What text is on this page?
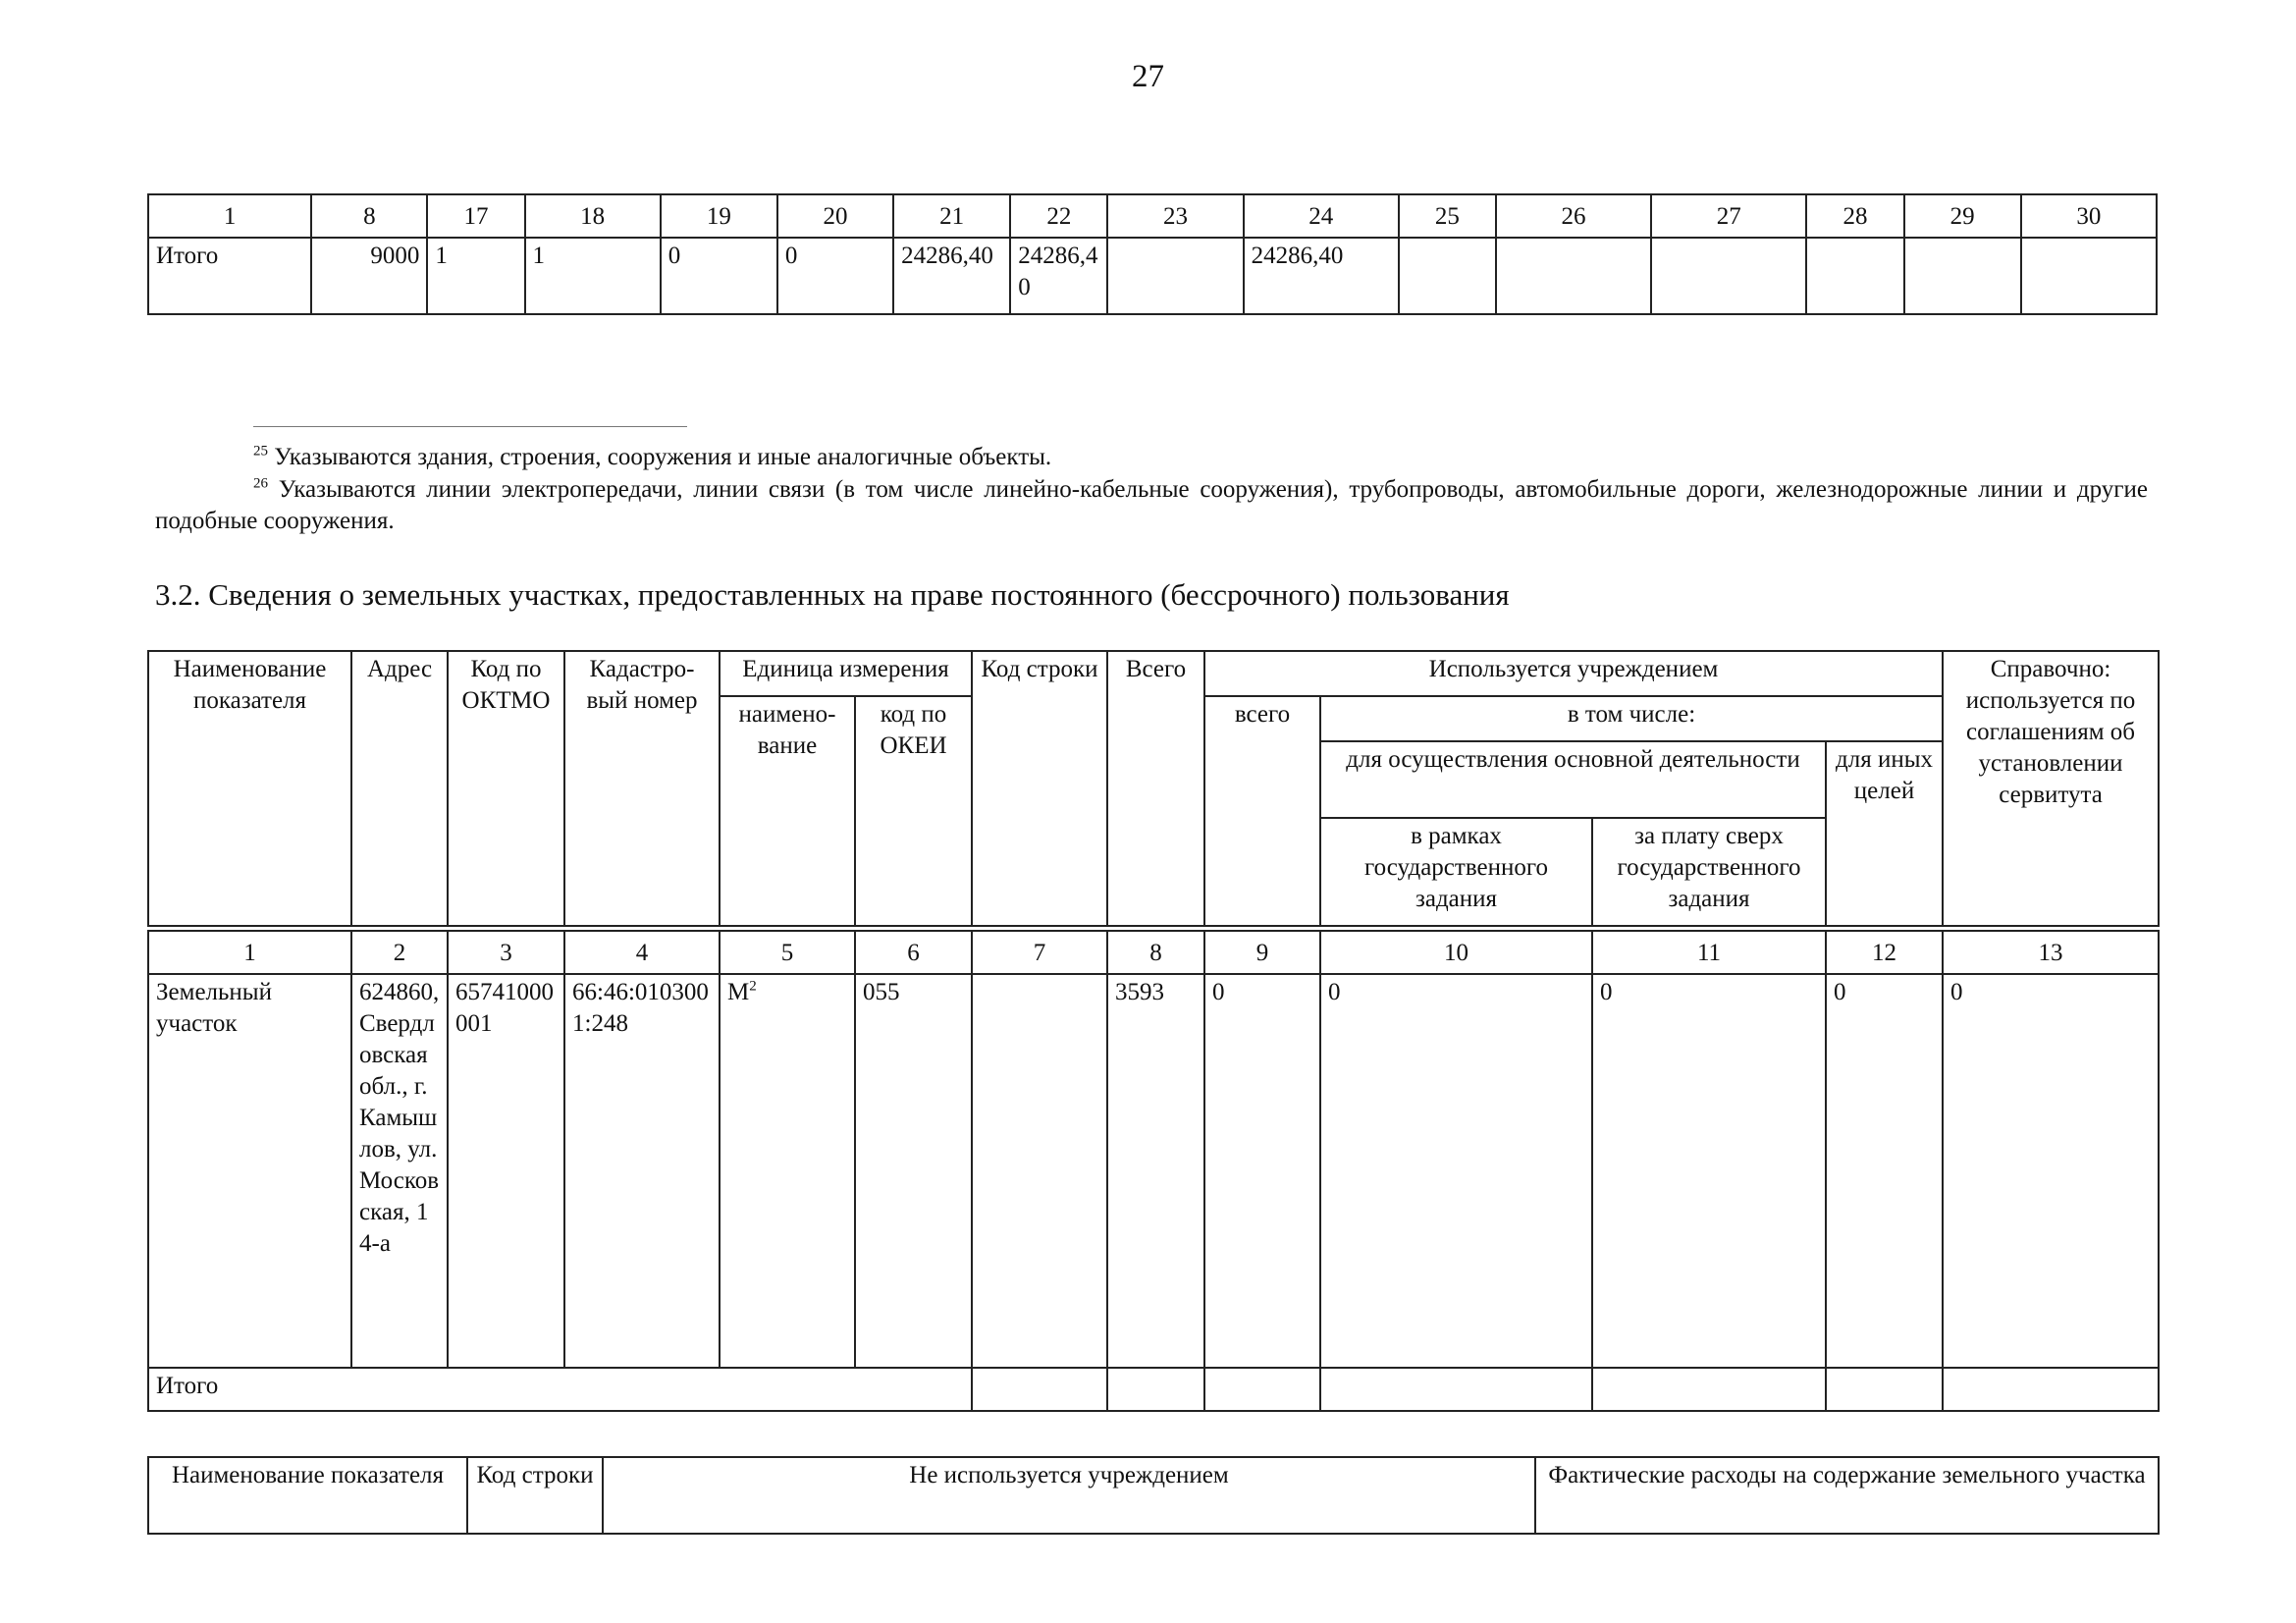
27
1	8	17	18	19	20	21	22	23	24	25	26	27	28	29	30
Итого	9000	1	1	0	0	24286,40	24286,40		24286,40						
$^{25}$ Указываются здания, строения, сооружения и иные аналогичные объекты.
$^{26}$ Указываются линии электропередачи, линии связи (в том числе линейно-кабельные сооружения), трубопроводы, автомобильные дороги, железнодорожные линии и другие подобные сооружения.
3.2. Сведения о земельных участках, предоставленных на праве постоянного (бессрочного) пользования
Наименование показателя	Адрес	Код по ОКТМО	Кадастро-вый номер	Единица измерения		Код строки	Всего	Используется учреждением				Справочно: используется по соглашениям об установлении сервитута
				наимено-вание	код по ОКЕИ			всего	в том числе:			
									для осуществления основной деятельности		для иных целей	
									в рамках государственного задания	за плату сверх государственного задания		
1	2	3	4	5	6	7	8	9	10	11	12	13
Земельный участок	624860, Свердловская обл., г. Камышлов, ул. Московская, 14-а	65741000001	66:46:0103001:248	$М^2$	055		3593	0	0	0	0	0
Итого												
Наименование показателя	Код строки	Не используется учреждением	Фактические расходы на содержание земельного участка
